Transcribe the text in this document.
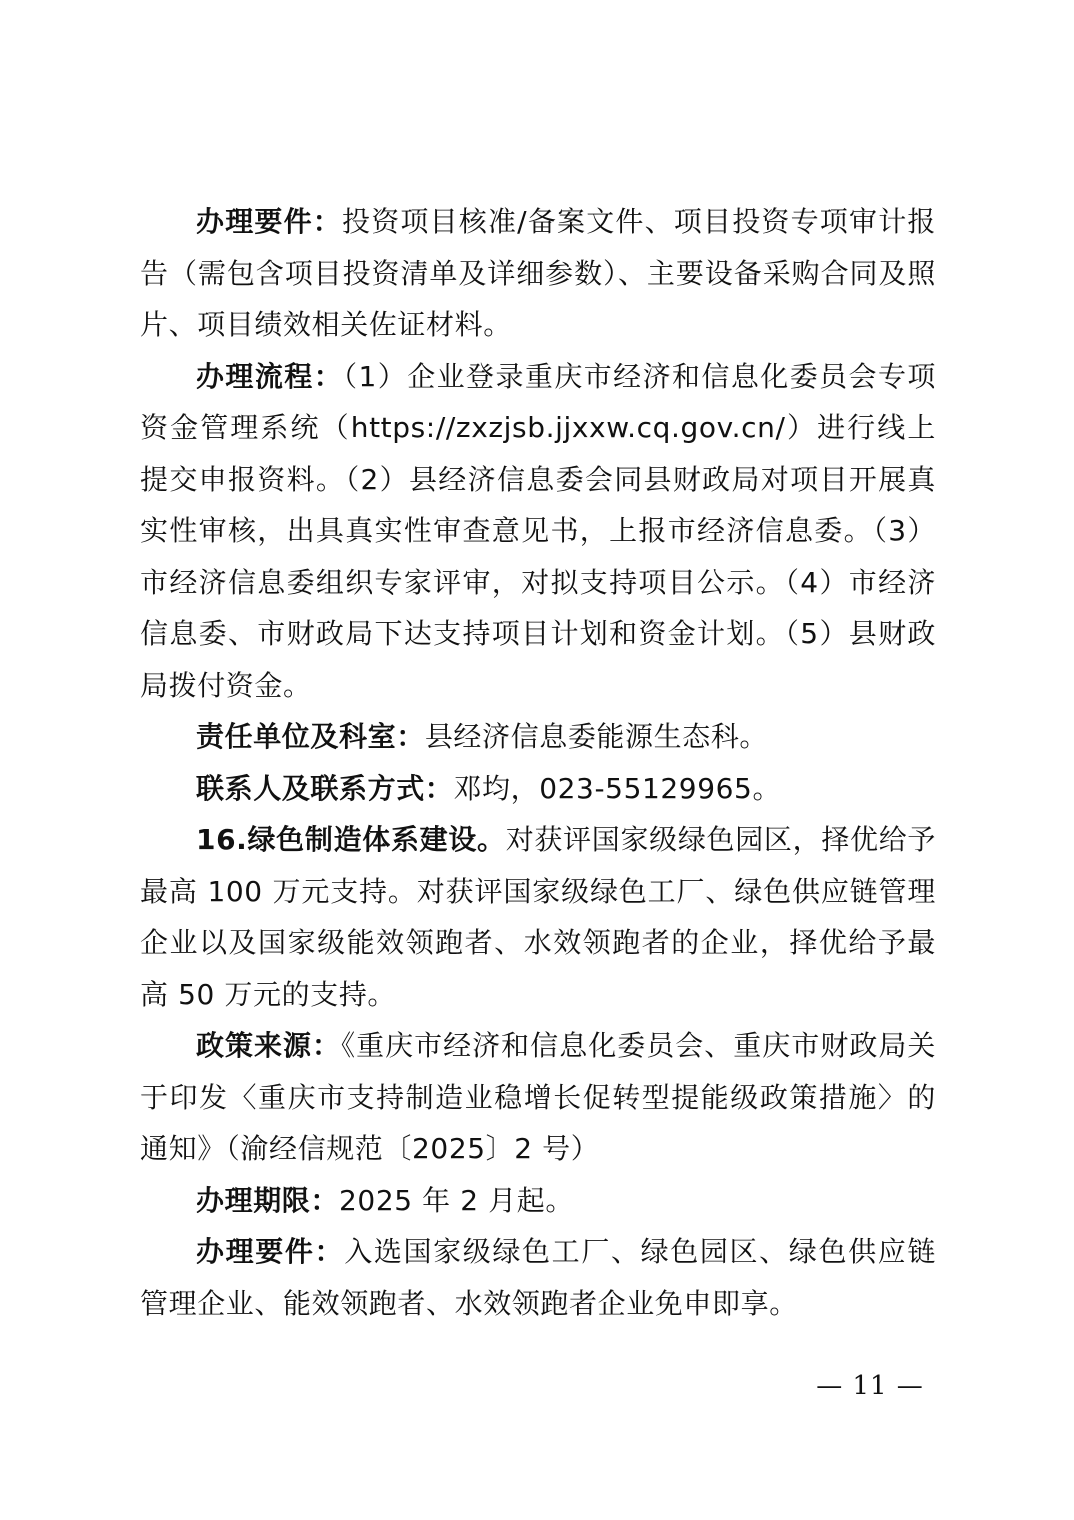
办理要件：投资项目核准/备案文件、项目投资专项审计报告（需包含项目投资清单及详细参数）、主要设备采购合同及照片、项目绩效相关佐证材料。

办理流程：（1）企业登录重庆市经济和信息化委员会专项资金管理系统（https://zxzjsb.jjxxw.cq.gov.cn/）进行线上提交申报资料。（2）县经济信息委会同县财政局对项目开展真实性审核，出具真实性审查意见书，上报市经济信息委。（3）市经济信息委组织专家评审，对拟支持项目公示。（4）市经济信息委、市财政局下达支持项目计划和资金计划。（5）县财政局拨付资金。

责任单位及科室：县经济信息委能源生态科。

联系人及联系方式：邓均，023-55129965。

16.绿色制造体系建设。对获评国家级绿色园区，择优给予最高 100 万元支持。对获评国家级绿色工厂、绿色供应链管理企业以及国家级能效领跑者、水效领跑者的企业，择优给予最高 50 万元的支持。

政策来源：《重庆市经济和信息化委员会、重庆市财政局关于印发〈重庆市支持制造业稳增长促转型提能级政策措施〉的通知》（渝经信规范〔2025〕2 号）

办理期限：2025 年 2 月起。

办理要件：入选国家级绿色工厂、绿色园区、绿色供应链管理企业、能效领跑者、水效领跑者企业免申即享。

— 11 —
